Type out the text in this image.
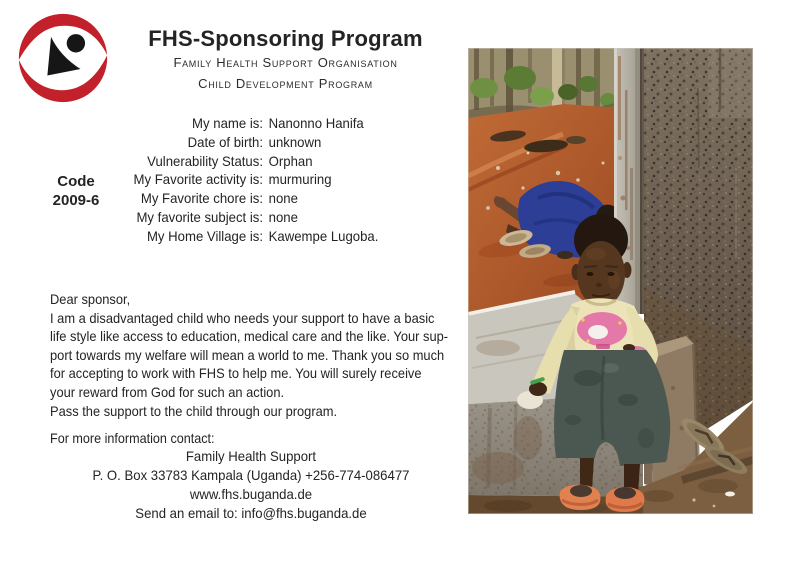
FHS-Sponsoring Program
Family Health Support Organisation
Child Development Program
Code
2009-6
My name is: Nanonno Hanifa
Date of birth: unknown
Vulnerability Status: Orphan
My Favorite activity is: murmuring
My Favorite chore is: none
My favorite subject is: none
My Home Village is: Kawempe Lugoba.
Dear sponsor,
I am a disadvantaged child who needs your support to have a basic
life style like access to education, medical care and the like. Your sup-
port towards my welfare will mean a world to me. Thank you so much
for accepting to work with FHS to help me. You will surely receive
your reward from God for such an action.
Pass the support to the child through our program.
For more information contact:
Family Health Support
P. O. Box 33783 Kampala (Uganda) +256-774-086477
www.fhs.buganda.de
Send an email to: info@fhs.buganda.de
